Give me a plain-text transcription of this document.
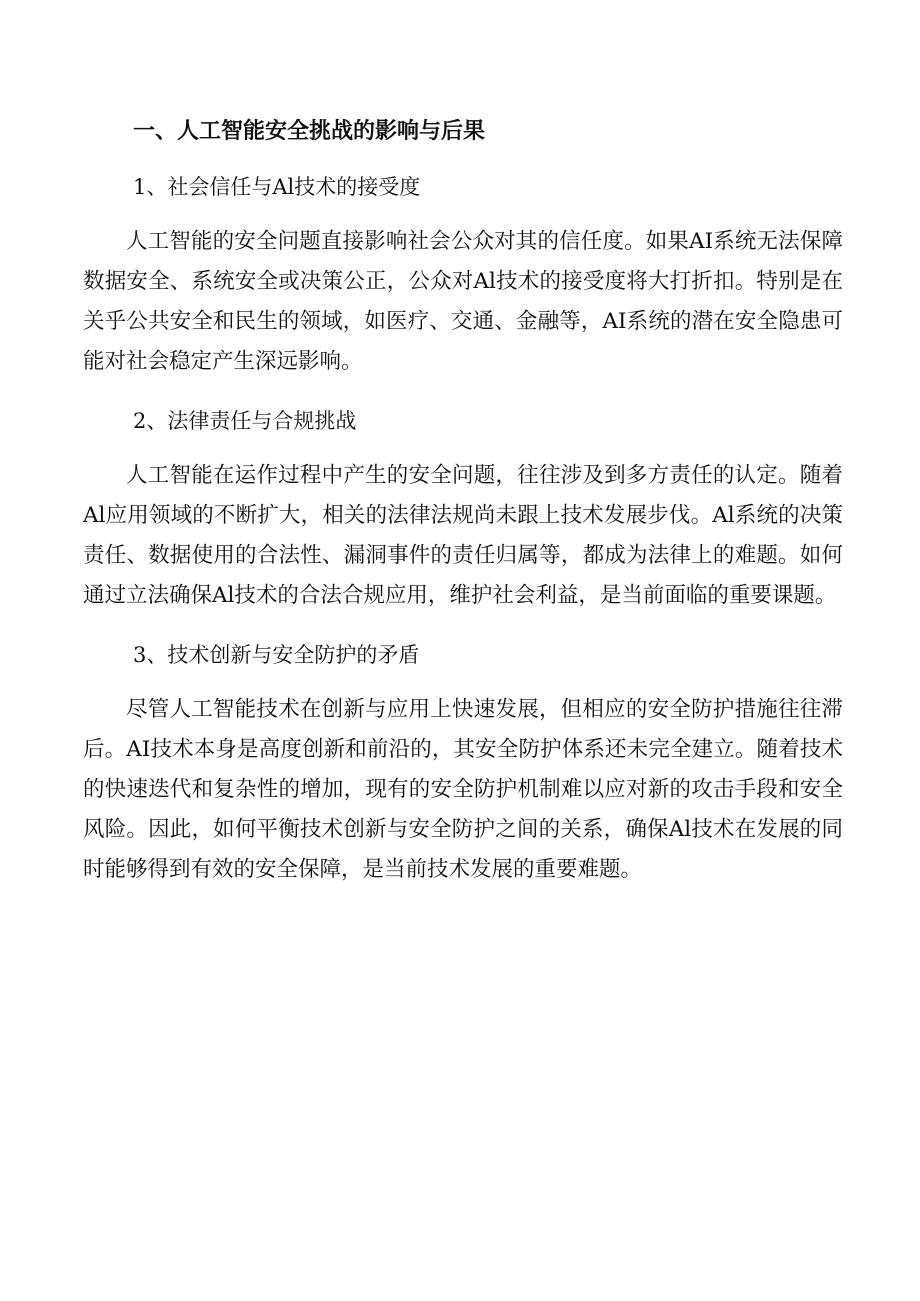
一、人工智能安全挑战的影响与后果
1、社会信任与Al技术的接受度

人工智能的安全问题直接影响社会公众对其的信任度。如果AI系统无法保障数据安全、系统安全或决策公正，公众对Al技术的接受度将大打折扣。特别是在关乎公共安全和民生的领域，如医疗、交通、金融等，AI系统的潜在安全隐患可能对社会稳定产生深远影响。

2、法律责任与合规挑战

人工智能在运作过程中产生的安全问题，往往涉及到多方责任的认定。随着Al应用领域的不断扩大，相关的法律法规尚未跟上技术发展步伐。Al系统的决策责任、数据使用的合法性、漏洞事件的责任归属等，都成为法律上的难题。如何通过立法确保Al技术的合法合规应用，维护社会利益，是当前面临的重要课题。

3、技术创新与安全防护的矛盾

尽管人工智能技术在创新与应用上快速发展，但相应的安全防护措施往往滞后。AI技术本身是高度创新和前沿的，其安全防护体系还未完全建立。随着技术的快速迭代和复杂性的增加，现有的安全防护机制难以应对新的攻击手段和安全风险。因此，如何平衡技术创新与安全防护之间的关系，确保Al技术在发展的同时能够得到有效的安全保障，是当前技术发展的重要难题。
